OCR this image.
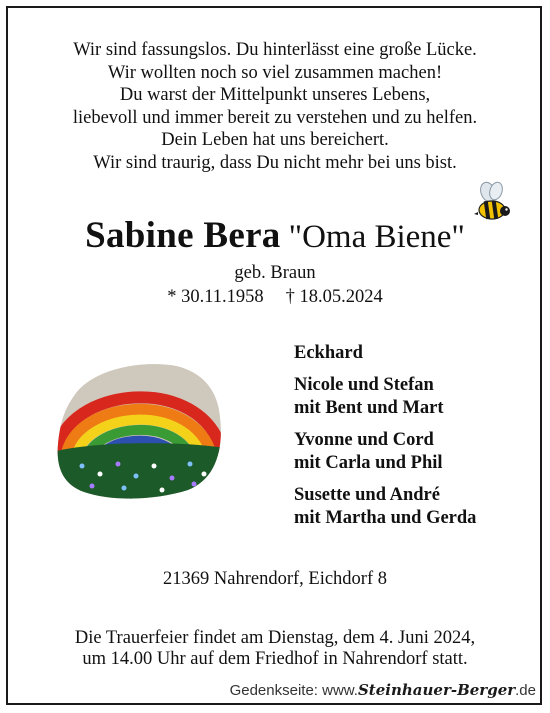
Wir sind fassungslos. Du hinterlässt eine große Lücke.
Wir wollten noch so viel zusammen machen!
Du warst der Mittelpunkt unseres Lebens,
liebevoll und immer bereit zu verstehen und zu helfen.
Dein Leben hat uns bereichert.
Wir sind traurig, dass Du nicht mehr bei uns bist.
Sabine Bera "Oma Biene"
geb. Braun
* 30.11.1958 † 18.05.2024
Eckhard
Nicole und Stefan
mit Bent und Mart
Yvonne und Cord
mit Carla und Phil
Susette und André
mit Martha und Gerda
21369 Nahrendorf, Eichdorf 8
Die Trauerfeier findet am Dienstag, dem 4. Juni 2024,
um 14.00 Uhr auf dem Friedhof in Nahrendorf statt.
Gedenkseite: www.Steinhauer-Berger.de
